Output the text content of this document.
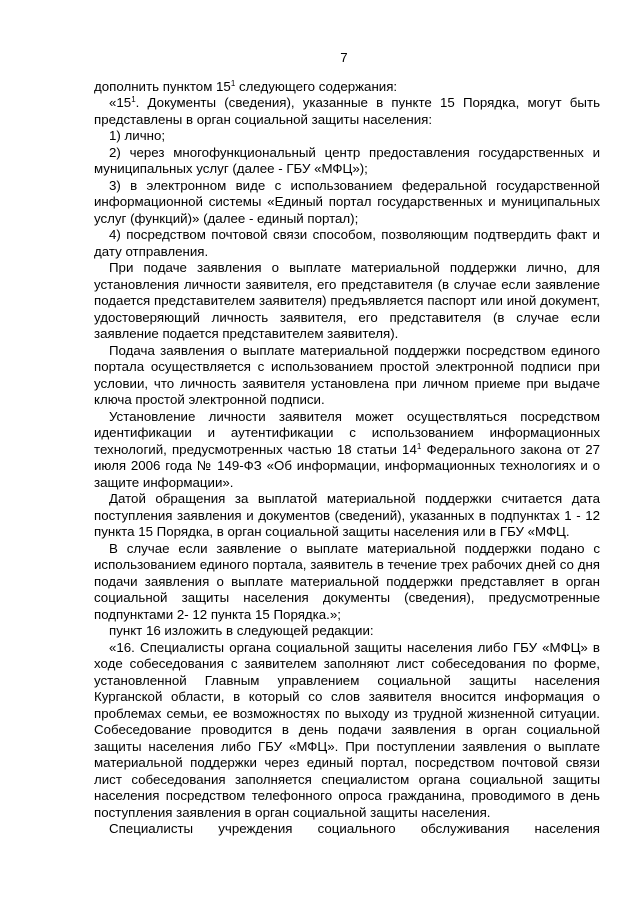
7

дополнить пунктом $15^1$ следующего содержания:

«$15^1$. Документы (сведения), указанные в пункте 15 Порядка, могут быть представлены в орган социальной защиты населения:

1) лично;

2) через многофункциональный центр предоставления государственных и муниципальных услуг (далее - ГБУ «МФЦ»);

3) в электронном виде с использованием федеральной государственной информационной системы «Единый портал государственных и муниципальных услуг (функций)» (далее - единый портал);

4) посредством почтовой связи способом, позволяющим подтвердить факт и дату отправления.

При подаче заявления о выплате материальной поддержки лично, для установления личности заявителя, его представителя (в случае если заявление подается представителем заявителя) предъявляется паспорт или иной документ, удостоверяющий личность заявителя, его представителя (в случае если заявление подается представителем заявителя).

Подача заявления о выплате материальной поддержки посредством единого портала осуществляется с использованием простой электронной подписи при условии, что личность заявителя установлена при личном приеме при выдаче ключа простой электронной подписи.

Установление личности заявителя может осуществляться посредством идентификации и аутентификации с использованием информационных технологий, предусмотренных частью 18 статьи $14^1$ Федерального закона от 27 июля 2006 года № 149-ФЗ «Об информации, информационных технологиях и о защите информации».

Датой обращения за выплатой материальной поддержки считается дата поступления заявления и документов (сведений), указанных в подпунктах 1 - 12 пункта 15 Порядка, в орган социальной защиты населения или в ГБУ «МФЦ.

В случае если заявление о выплате материальной поддержки подано с использованием единого портала, заявитель в течение трех рабочих дней со дня подачи заявления о выплате материальной поддержки представляет в орган социальной защиты населения документы (сведения), предусмотренные подпунктами 2- 12 пункта 15 Порядка.»;

пункт 16 изложить в следующей редакции:

«16. Специалисты органа социальной защиты населения либо ГБУ «МФЦ» в ходе собеседования с заявителем заполняют лист собеседования по форме, установленной Главным управлением социальной защиты населения Курганской области, в который со слов заявителя вносится информация о проблемах семьи, ее возможностях по выходу из трудной жизненной ситуации. Собеседование проводится в день подачи заявления в орган социальной защиты населения либо ГБУ «МФЦ». При поступлении заявления о выплате материальной поддержки через единый портал, посредством почтовой связи лист собеседования заполняется специалистом органа социальной защиты населения посредством телефонного опроса гражданина, проводимого в день поступления заявления в орган социальной защиты населения.

Специалисты учреждения социального обслуживания населения
